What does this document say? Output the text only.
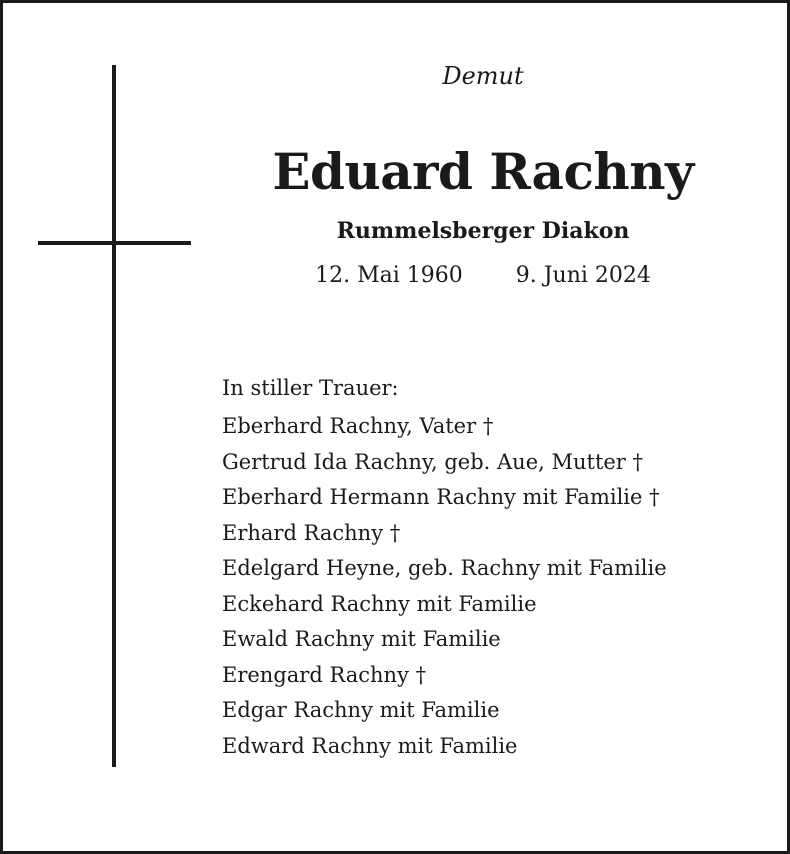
Demut
Eduard Rachny
Rummelsberger Diakon
12. Mai 1960 9. Juni 2024
In stiller Trauer:
Eberhard Rachny, Vater †
Gertrud Ida Rachny, geb. Aue, Mutter †
Eberhard Hermann Rachny mit Familie †
Erhard Rachny †
Edelgard Heyne, geb. Rachny mit Familie
Eckehard Rachny mit Familie
Ewald Rachny mit Familie
Erengard Rachny †
Edgar Rachny mit Familie
Edward Rachny mit Familie
